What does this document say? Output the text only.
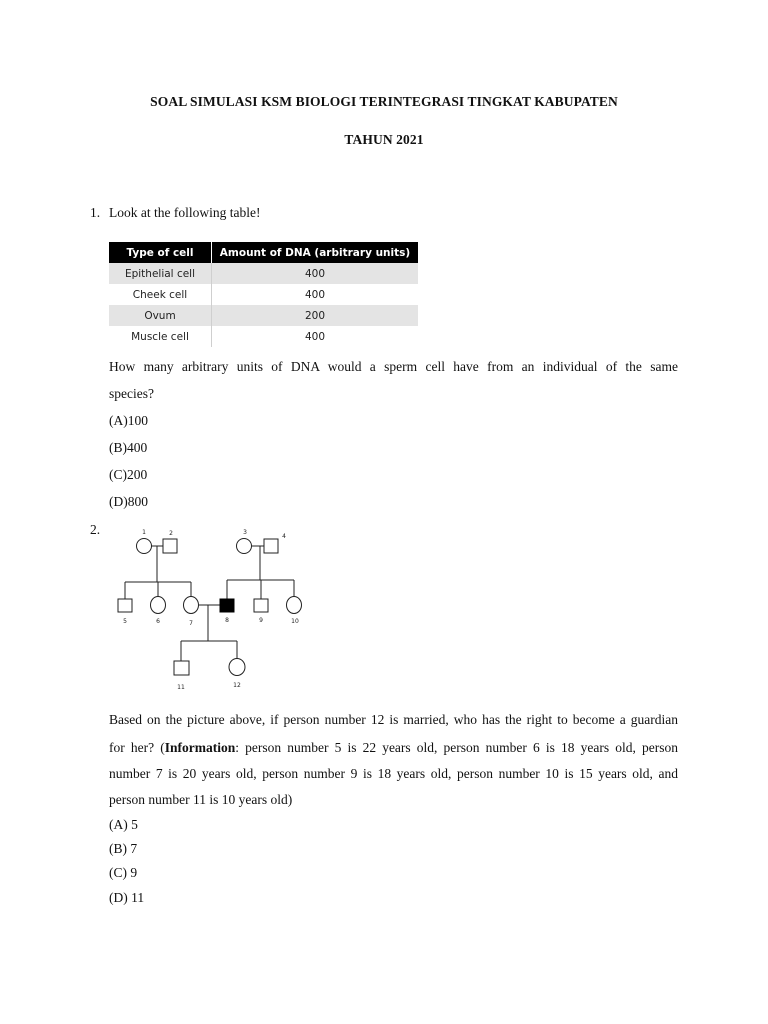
SOAL SIMULASI KSM BIOLOGI TERINTEGRASI TINGKAT KABUPATEN
TAHUN 2021
1. Look at the following table!
Type of cell	Amount of DNA (arbitrary units)
Epithelial cell	400
Cheek cell	400
Ovum	200
Muscle cell	400
How many arbitrary units of DNA would a sperm cell have from an individual of the same
species?
(A)100
(B)400
(C)200
(D)800
2.	1	2	3
4
5	6	7	8	9	10
11	12
Based on the picture above, if person number 12 is married, who has the right to become a guardian
for her? (Information: person number 5 is 22 years old, person number 6 is 18 years old, person
number 7 is 20 years old, person number 9 is 18 years old, person number 10 is 15 years old, and
person number 11 is 10 years old)
(A) 5
(B) 7
(C) 9
(D) 11
